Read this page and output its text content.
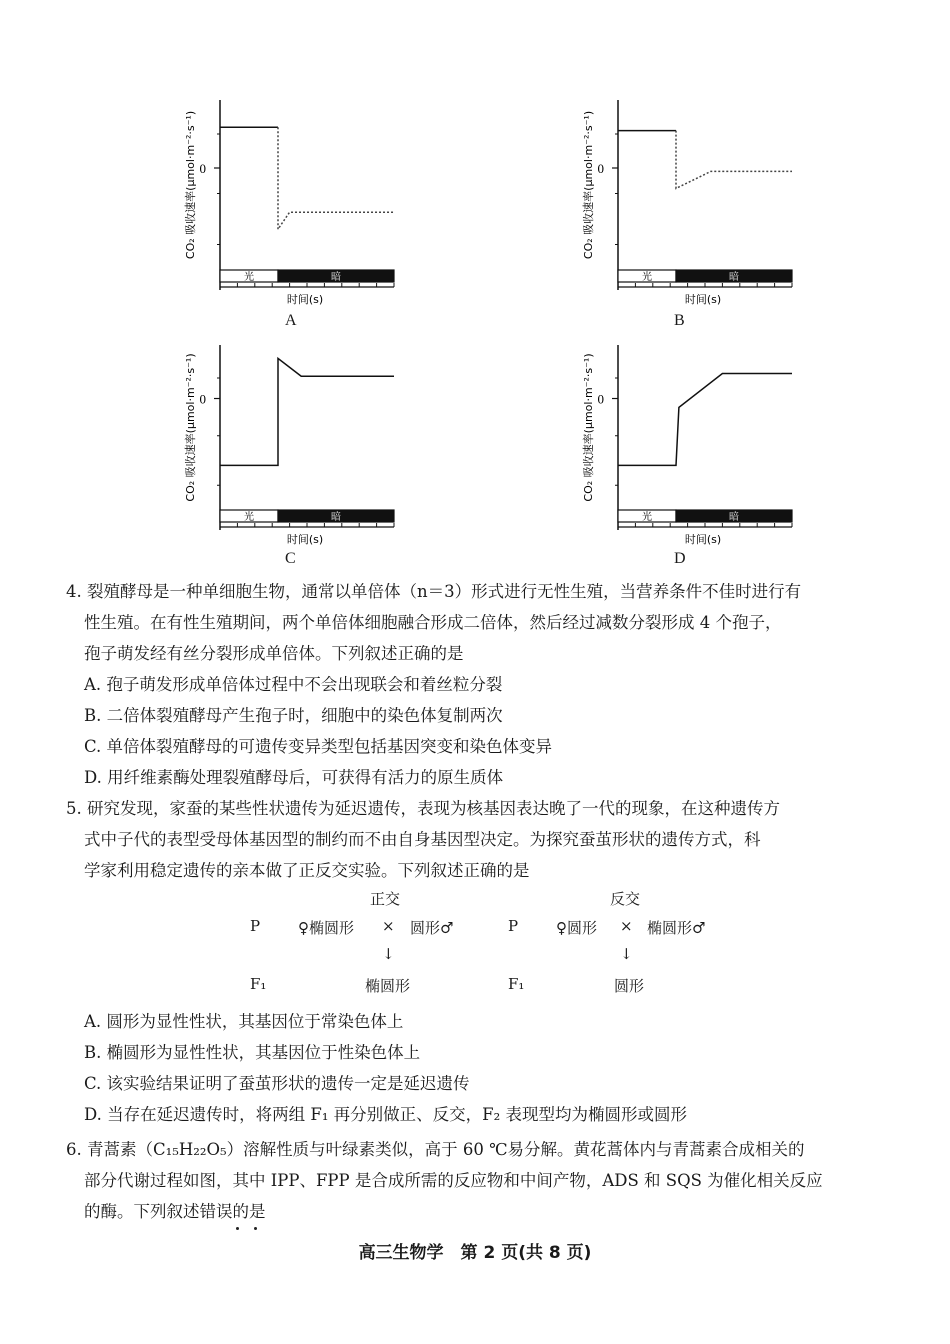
0
CO₂ 吸收速率(μmol·m⁻²·s⁻¹)
光	暗
时间(s)
A
0
CO₂ 吸收速率(μmol·m⁻²·s⁻¹)
光	暗
时间(s)
B
0
CO₂ 吸收速率(μmol·m⁻²·s⁻¹)
光	暗
时间(s)
C
0
CO₂ 吸收速率(μmol·m⁻²·s⁻¹)
光	暗
时间(s)
D

4. 裂殖酵母是一种单细胞生物，通常以单倍体（n＝3）形式进行无性生殖，当营养条件不佳时进行有

性生殖。在有性生殖期间，两个单倍体细胞融合形成二倍体，然后经过减数分裂形成 4 个孢子，

孢子萌发经有丝分裂形成单倍体。下列叙述正确的是

A. 孢子萌发形成单倍体过程中不会出现联会和着丝粒分裂

B. 二倍体裂殖酵母产生孢子时，细胞中的染色体复制两次

C. 单倍体裂殖酵母的可遗传变异类型包括基因突变和染色体变异

D. 用纤维素酶处理裂殖酵母后，可获得有活力的原生质体

5. 研究发现，家蚕的某些性状遗传为延迟遗传，表现为核基因表达晚了一代的现象，在这种遗传方

式中子代的表型受母体基因型的制约而不由自身基因型决定。为探究蚕茧形状的遗传方式，科

学家利用稳定遗传的亲本做了正反交实验。下列叙述正确的是

正交
P	♀椭圆形 × 圆形♂
↓
F₁	椭圆形
反交
P	♀圆形 × 椭圆形♂
↓
F₁	圆形

A. 圆形为显性性状，其基因位于常染色体上

B. 椭圆形为显性性状，其基因位于性染色体上

C. 该实验结果证明了蚕茧形状的遗传一定是延迟遗传

D. 当存在延迟遗传时，将两组 F₁ 再分别做正、反交，F₂ 表现型均为椭圆形或圆形

6. 青蒿素（C₁₅H₂₂O₅）溶解性质与叶绿素类似，高于 60 ℃易分解。黄花蒿体内与青蒿素合成相关的

部分代谢过程如图，其中 IPP、FPP 是合成所需的反应物和中间产物，ADS 和 SQS 为催化相关反应

的酶。下列叙述错误的是

高三生物学　第 2 页(共 8 页)
